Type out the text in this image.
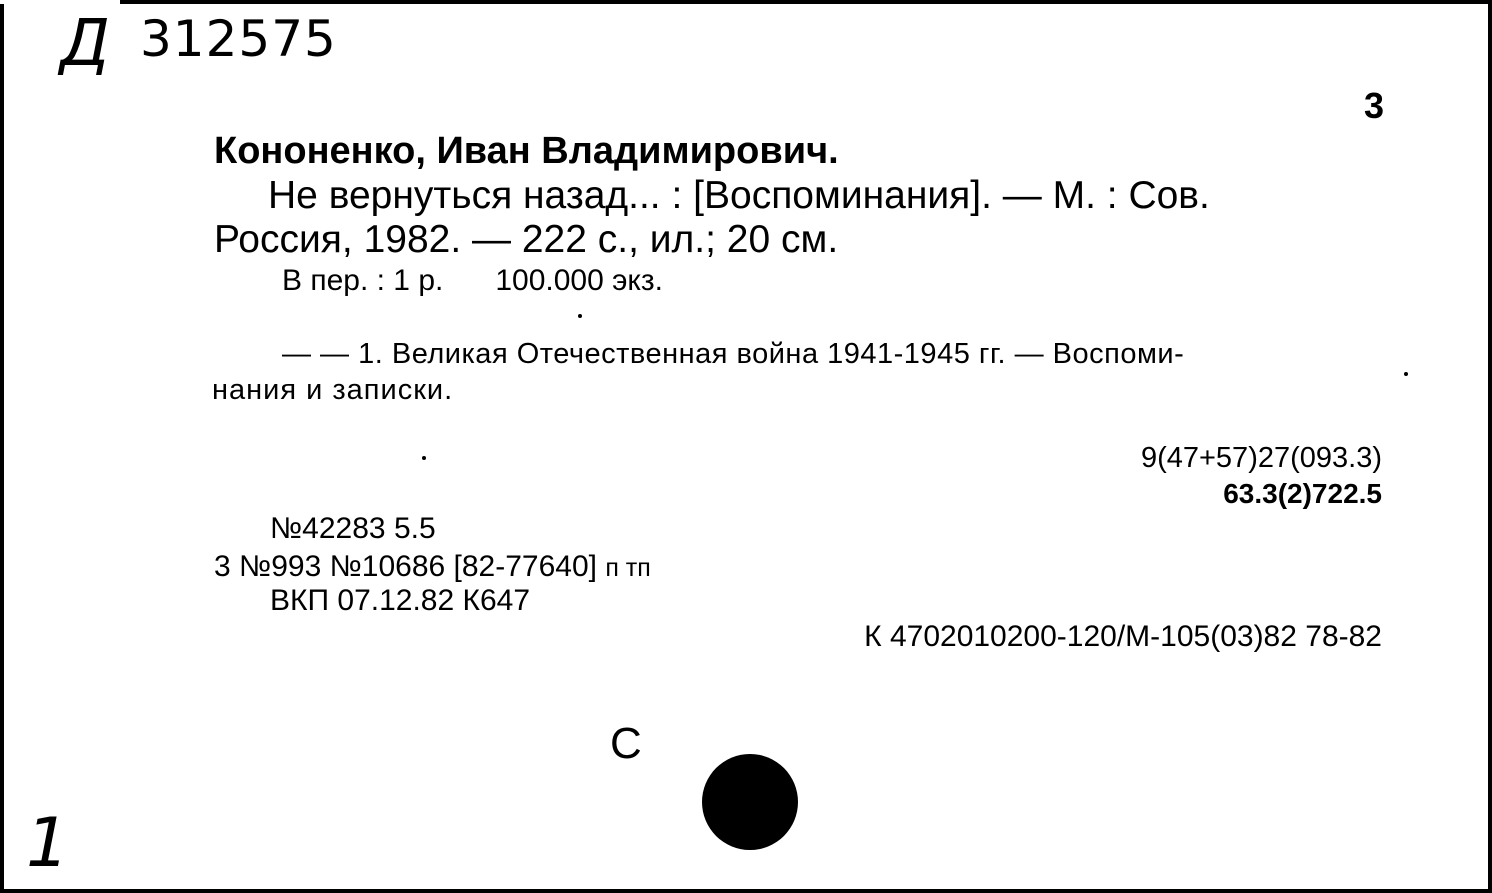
Д 312575
3
Кононенко, Иван Владимирович.
Не вернуться назад... : [Воспоминания]. — М. : Сов.
Россия, 1982. — 222 с., ил.; 20 см.
В пер. : 1 р. 100.000 экз.
— — 1. Великая Отечественная война 1941-1945 гг. — Воспоми-
нания и записки.
9(47+57)27(093.3)
63.3(2)722.5
№42283 5.5
3 №993 №10686 [82-77640] п тп
ВКП 07.12.82 К647
К 4702010200-120/М-105(03)82 78-82
С
1
